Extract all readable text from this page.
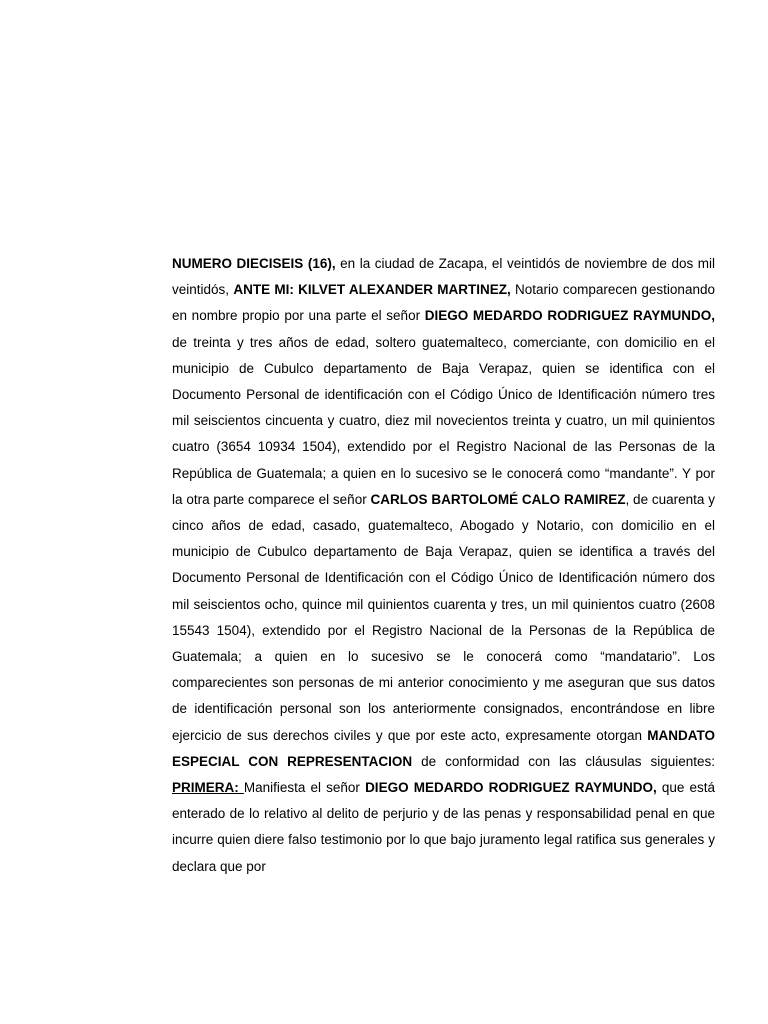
NUMERO DIECISEIS (16), en la ciudad de Zacapa, el veintidós de noviembre de dos mil veintidós, ANTE MI: KILVET ALEXANDER MARTINEZ, Notario comparecen gestionando en nombre propio por una parte el señor DIEGO MEDARDO RODRIGUEZ RAYMUNDO, de treinta y tres años de edad, soltero guatemalteco, comerciante, con domicilio en el municipio de Cubulco departamento de Baja Verapaz, quien se identifica con el Documento Personal de identificación con el Código Único de Identificación número tres mil seiscientos cincuenta y cuatro, diez mil novecientos treinta y cuatro, un mil quinientos cuatro (3654 10934 1504), extendido por el Registro Nacional de las Personas de la República de Guatemala; a quien en lo sucesivo se le conocerá como “mandante”. Y por la otra parte comparece el señor CARLOS BARTOLOMÉ CALO RAMIREZ, de cuarenta y cinco años de edad, casado, guatemalteco, Abogado y Notario, con domicilio en el municipio de Cubulco departamento de Baja Verapaz, quien se identifica a través del Documento Personal de Identificación con el Código Único de Identificación número dos mil seiscientos ocho, quince mil quinientos cuarenta y tres, un mil quinientos cuatro (2608 15543 1504), extendido por el Registro Nacional de la Personas de la República de Guatemala; a quien en lo sucesivo se le conocerá como “mandatario”. Los comparecientes son personas de mi anterior conocimiento y me aseguran que sus datos de identificación personal son los anteriormente consignados, encontrándose en libre ejercicio de sus derechos civiles y que por este acto, expresamente otorgan MANDATO ESPECIAL CON REPRESENTACION de conformidad con las cláusulas siguientes: PRIMERA: Manifiesta el señor DIEGO MEDARDO RODRIGUEZ RAYMUNDO, que está enterado de lo relativo al delito de perjurio y de las penas y responsabilidad penal en que incurre quien diere falso testimonio por lo que bajo juramento legal ratifica sus generales y declara que por
